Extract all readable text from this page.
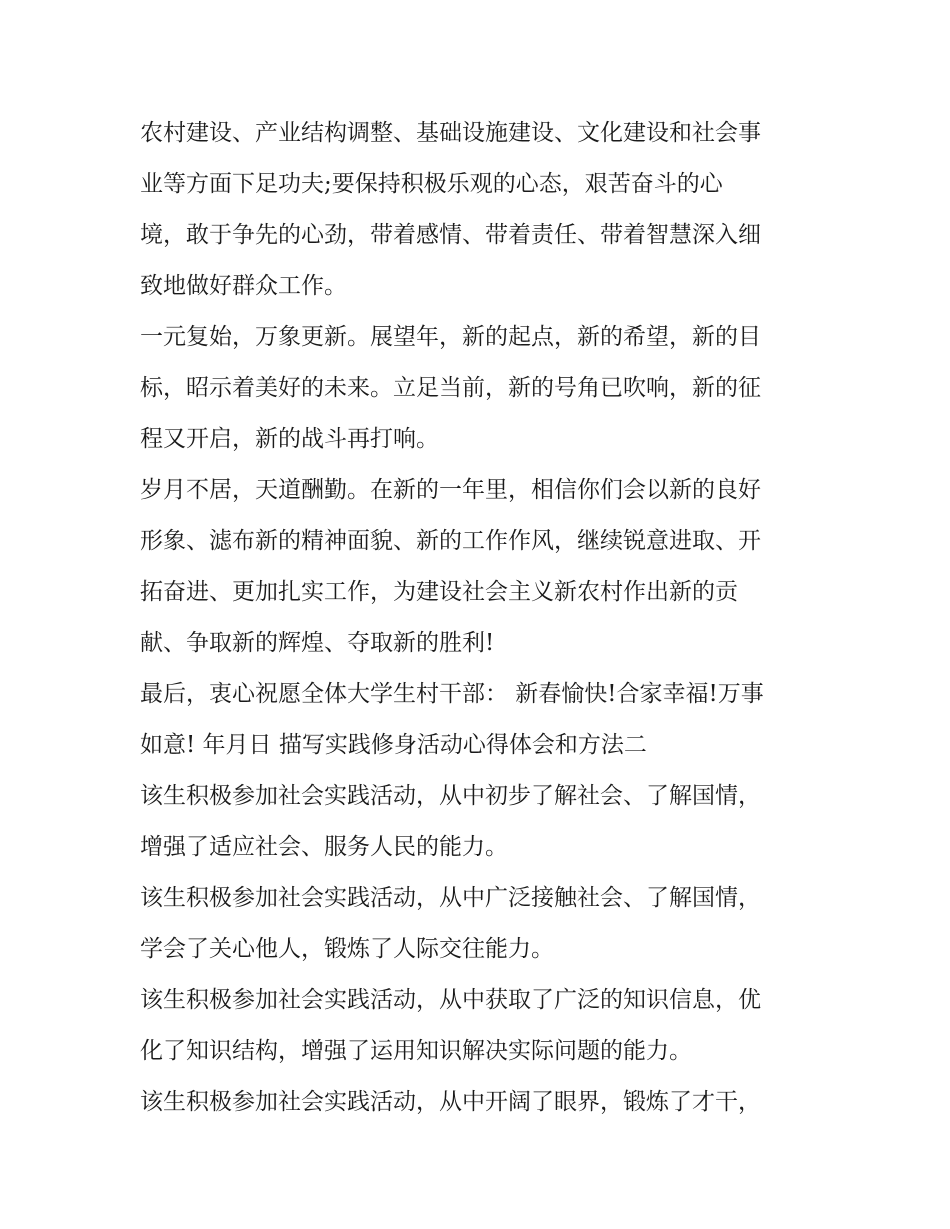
农村建设、产业结构调整、基础设施建设、文化建设和社会事
业等方面下足功夫;要保持积极乐观的心态，艰苦奋斗的心
境，敢于争先的心劲，带着感情、带着责任、带着智慧深入细
致地做好群众工作。
一元复始，万象更新。展望年，新的起点，新的希望，新的目
标，昭示着美好的未来。立足当前，新的号角已吹响，新的征
程又开启，新的战斗再打响。
岁月不居，天道酬勤。在新的一年里，相信你们会以新的良好
形象、滤布新的精神面貌、新的工作作风，继续锐意进取、开
拓奋进、更加扎实工作，为建设社会主义新农村作出新的贡
献、争取新的辉煌、夺取新的胜利!
最后，衷心祝愿全体大学生村干部： 新春愉快!合家幸福!万事
如意! 年月日 描写实践修身活动心得体会和方法二
该生积极参加社会实践活动，从中初步了解社会、了解国情，
增强了适应社会、服务人民的能力。
该生积极参加社会实践活动，从中广泛接触社会、了解国情，
学会了关心他人，锻炼了人际交往能力。
该生积极参加社会实践活动，从中获取了广泛的知识信息，优
化了知识结构，增强了运用知识解决实际问题的能力。
该生积极参加社会实践活动，从中开阔了眼界，锻炼了才干，
